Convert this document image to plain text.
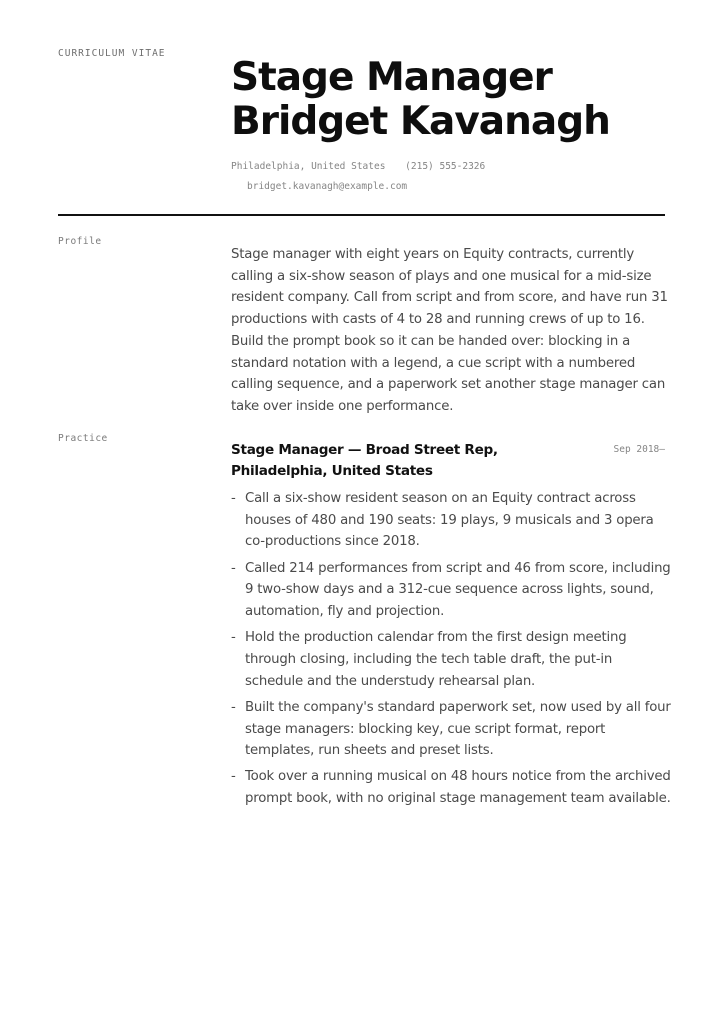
CURRICULUM VITAE
Stage Manager
Bridget Kavanagh
Philadelphia, United States (215) 555-2326
bridget.kavanagh@example.com
Profile
Stage manager with eight years on Equity contracts, currently calling a six-show season of plays and one musical for a mid-size resident company. Call from script and from score, and have run 31 productions with casts of 4 to 28 and running crews of up to 16. Build the prompt book so it can be handed over: blocking in a standard notation with a legend, a cue script with a numbered calling sequence, and a paperwork set another stage manager can take over inside one performance.
Practice
Stage Manager — Broad Street Rep, Philadelphia, United States
Sep 2018–
- Call a six-show resident season on an Equity contract across houses of 480 and 190 seats: 19 plays, 9 musicals and 3 opera co-productions since 2018.
- Called 214 performances from script and 46 from score, including 9 two-show days and a 312-cue sequence across lights, sound, automation, fly and projection.
- Hold the production calendar from the first design meeting through closing, including the tech table draft, the put-in schedule and the understudy rehearsal plan.
- Built the company's standard paperwork set, now used by all four stage managers: blocking key, cue script format, report templates, run sheets and preset lists.
- Took over a running musical on 48 hours notice from the archived prompt book, with no original stage management team available.
